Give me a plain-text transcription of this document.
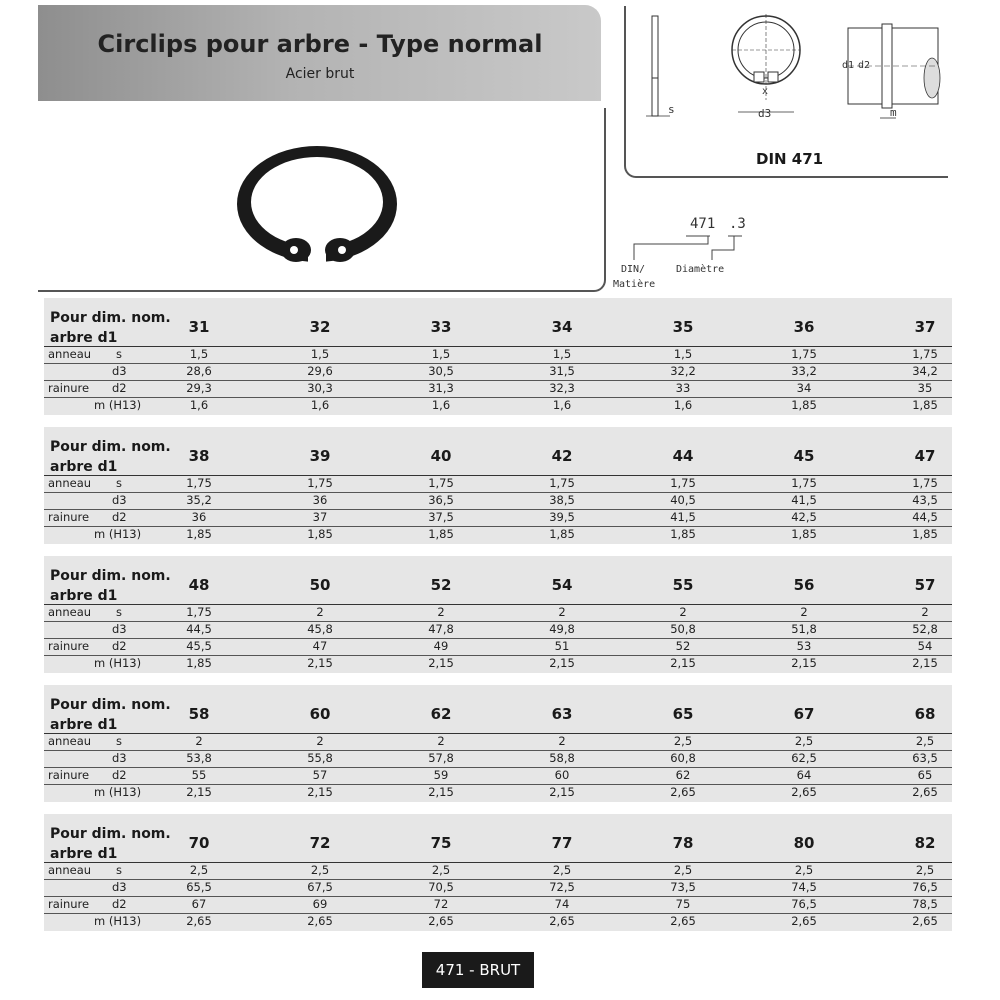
Circlips pour arbre - Type normal
Acier brut
s	d3
x
d1 d2
m
DIN 471
471 .3
DIN/
Matière
Diamètre
Pour dim. nom.
arbre d1
31	32	33	34	35	36	37
anneau s	1,5	1,5	1,5	1,5	1,5	1,75	1,75
d3	28,6	29,6	30,5	31,5	32,2	33,2	34,2
rainure d2	29,3	30,3	31,3	32,3	33	34	35
m (H13)	1,6	1,6	1,6	1,6	1,6	1,85	1,85
Pour dim. nom.
arbre d1
38	39	40	42	44	45	47
anneau s	1,75	1,75	1,75	1,75	1,75	1,75	1,75
d3	35,2	36	36,5	38,5	40,5	41,5	43,5
rainure d2	36	37	37,5	39,5	41,5	42,5	44,5
m (H13)	1,85	1,85	1,85	1,85	1,85	1,85	1,85
Pour dim. nom.
arbre d1
48	50	52	54	55	56	57
anneau s	1,75	2	2	2	2	2	2
d3	44,5	45,8	47,8	49,8	50,8	51,8	52,8
rainure d2	45,5	47	49	51	52	53	54
m (H13)	1,85	2,15	2,15	2,15	2,15	2,15	2,15
Pour dim. nom.
arbre d1
58	60	62	63	65	67	68
anneau s	2	2	2	2	2,5	2,5	2,5
d3	53,8	55,8	57,8	58,8	60,8	62,5	63,5
rainure d2	55	57	59	60	62	64	65
m (H13)	2,15	2,15	2,15	2,15	2,65	2,65	2,65
Pour dim. nom.
arbre d1
70	72	75	77	78	80	82
anneau s	2,5	2,5	2,5	2,5	2,5	2,5	2,5
d3	65,5	67,5	70,5	72,5	73,5	74,5	76,5
rainure d2	67	69	72	74	75	76,5	78,5
m (H13)	2,65	2,65	2,65	2,65	2,65	2,65	2,65
471 - BRUT
